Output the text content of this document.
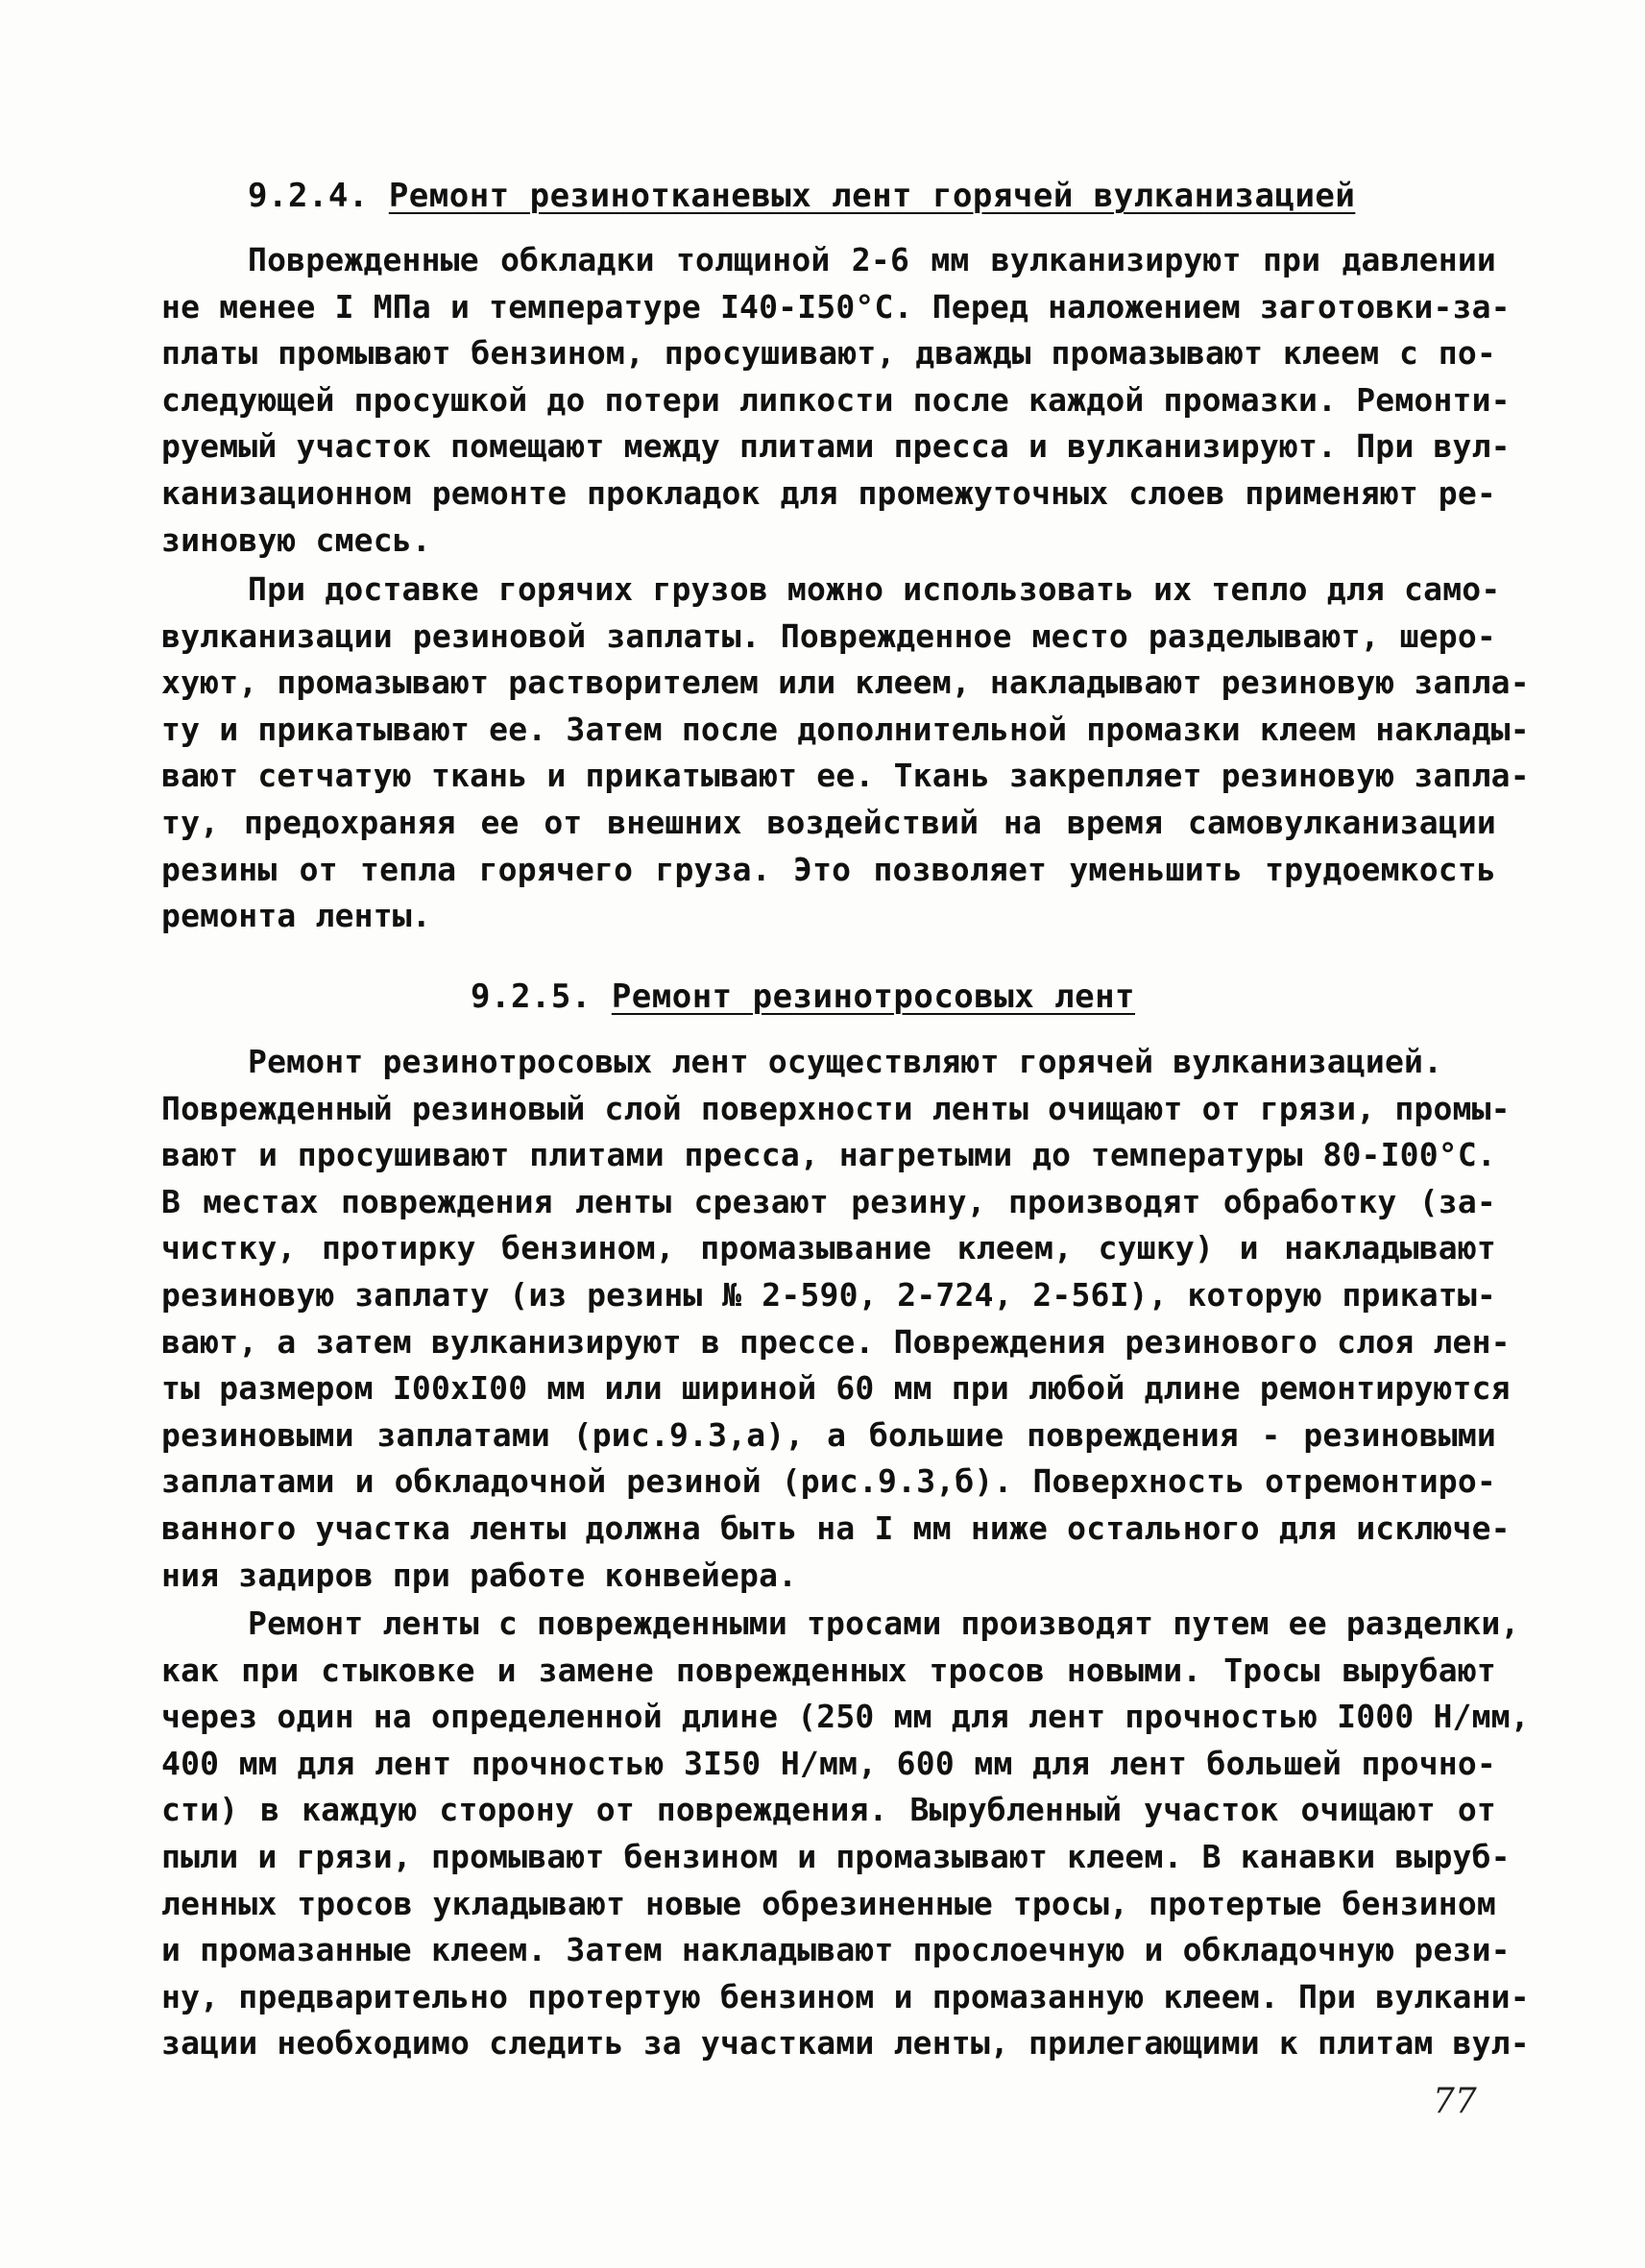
9.2.4. Ремонт резинотканевых лент горячей вулканизацией
Поврежденные обкладки толщиной 2-6 мм вулканизируют при давлении
не менее I МПа и температуре I40-I50°С. Перед наложением заготовки-за-
платы промывают бензином, просушивают, дважды промазывают клеем с по-
следующей просушкой до потери липкости после каждой промазки. Ремонти-
руемый участок помещают между плитами пресса и вулканизируют. При вул-
канизационном ремонте прокладок для промежуточных слоев применяют ре-
зиновую смесь.
При доставке горячих грузов можно использовать их тепло для само-
вулканизации резиновой заплаты. Поврежденное место разделывают, шеро-
хуют, промазывают растворителем или клеем, накладывают резиновую запла-
ту и прикатывают ее. Затем после дополнительной промазки клеем наклады-
вают сетчатую ткань и прикатывают ее. Ткань закрепляет резиновую запла-
ту, предохраняя ее от внешних воздействий на время самовулканизации
резины от тепла горячего груза. Это позволяет уменьшить трудоемкость
ремонта ленты.
9.2.5. Ремонт резинотросовых лент
Ремонт резинотросовых лент осуществляют горячей вулканизацией.
Поврежденный резиновый слой поверхности ленты очищают от грязи, промы-
вают и просушивают плитами пресса, нагретыми до температуры 80-I00°С.
В местах повреждения ленты срезают резину, производят обработку (за-
чистку, протирку бензином, промазывание клеем, сушку) и накладывают
резиновую заплату (из резины № 2-590, 2-724, 2-56I), которую прикаты-
вают, а затем вулканизируют в прессе. Повреждения резинового слоя лен-
ты размером I00хI00 мм или шириной 60 мм при любой длине ремонтируются
резиновыми заплатами (рис.9.3,а), а большие повреждения - резиновыми
заплатами и обкладочной резиной (рис.9.3,б). Поверхность отремонтиро-
ванного участка ленты должна быть на I мм ниже остального для исключе-
ния задиров при работе конвейера.
Ремонт ленты с поврежденными тросами производят путем ее разделки,
как при стыковке и замене поврежденных тросов новыми. Тросы вырубают
через один на определенной длине (250 мм для лент прочностью I000 Н/мм,
400 мм для лент прочностью 3I50 Н/мм, 600 мм для лент большей прочно-
сти) в каждую сторону от повреждения. Вырубленный участок очищают от
пыли и грязи, промывают бензином и промазывают клеем. В канавки выруб-
ленных тросов укладывают новые обрезиненные тросы, протертые бензином
и промазанные клеем. Затем накладывают прослоечную и обкладочную рези-
ну, предварительно протертую бензином и промазанную клеем. При вулкани-
зации необходимо следить за участками ленты, прилегающими к плитам вул-
77
